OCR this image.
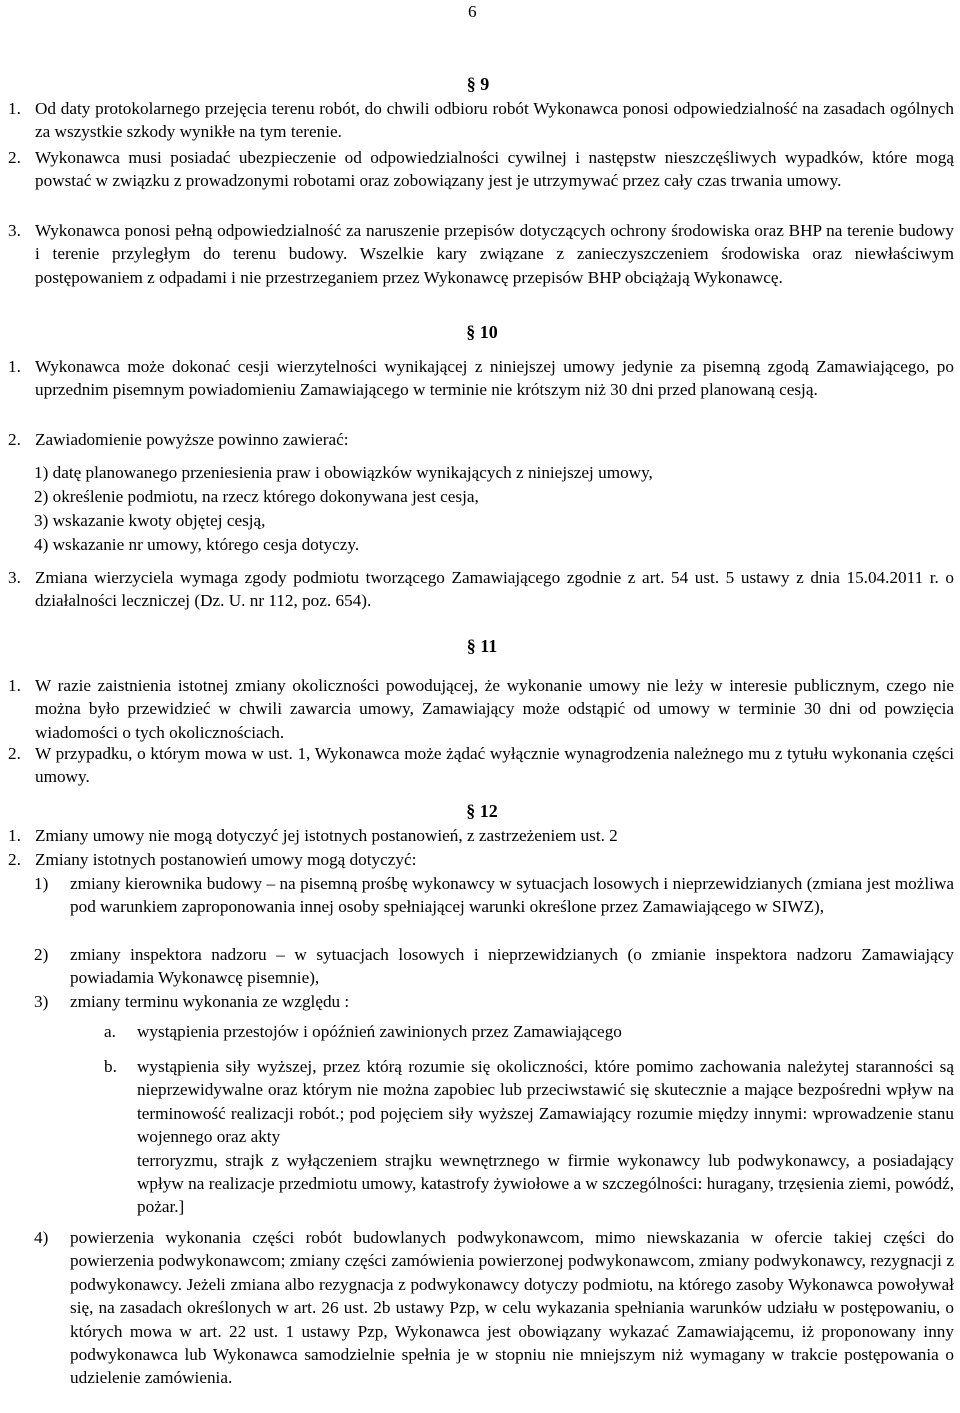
6
§ 9
1. Od daty protokolarnego przejęcia terenu robót, do chwili odbioru robót Wykonawca ponosi odpowiedzialność na zasadach ogólnych za wszystkie szkody wynikłe na tym terenie.
2. Wykonawca musi posiadać ubezpieczenie od odpowiedzialności cywilnej i następstw nieszczęśliwych wypadków, które mogą powstać w związku z prowadzonymi robotami oraz zobowiązany jest je utrzymywać przez cały czas trwania umowy.
3. Wykonawca ponosi pełną odpowiedzialność za naruszenie przepisów dotyczących ochrony środowiska oraz BHP na terenie budowy i terenie przyległym do terenu budowy. Wszelkie kary związane z zanieczyszczeniem środowiska oraz niewłaściwym postępowaniem z odpadami i nie przestrzeganiem przez Wykonawcę przepisów BHP obciążają Wykonawcę.
§ 10
1. Wykonawca może dokonać cesji wierzytelności wynikającej z niniejszej umowy jedynie za pisemną zgodą Zamawiającego, po uprzednim pisemnym powiadomieniu Zamawiającego w terminie nie krótszym niż 30 dni przed planowaną cesją.
2. Zawiadomienie powyższe powinno zawierać:
1) datę planowanego przeniesienia praw i obowiązków wynikających z niniejszej umowy,
2) określenie podmiotu, na rzecz którego dokonywana jest cesja,
3) wskazanie kwoty objętej cesją,
4) wskazanie nr umowy, którego cesja dotyczy.
3. Zmiana wierzyciela wymaga zgody podmiotu tworzącego Zamawiającego zgodnie z art. 54 ust. 5 ustawy z dnia 15.04.2011 r. o działalności leczniczej (Dz. U. nr 112, poz. 654).
§ 11
1. W razie zaistnienia istotnej zmiany okoliczności powodującej, że wykonanie umowy nie leży w interesie publicznym, czego nie można było przewidzieć w chwili zawarcia umowy, Zamawiający może odstąpić od umowy w terminie 30 dni od powzięcia wiadomości o tych okolicznościach.
2. W przypadku, o którym mowa w ust. 1, Wykonawca może żądać wyłącznie wynagrodzenia należnego mu z tytułu wykonania części umowy.
§ 12
1. Zmiany umowy nie mogą dotyczyć jej istotnych postanowień, z zastrzeżeniem ust. 2
2. Zmiany istotnych postanowień umowy mogą dotyczyć:
1) zmiany kierownika budowy – na pisemną prośbę wykonawcy w sytuacjach losowych i nieprzewidzianych (zmiana jest możliwa pod warunkiem zaproponowania innej osoby spełniającej warunki określone przez Zamawiającego w SIWZ),
2) zmiany inspektora nadzoru – w sytuacjach losowych i nieprzewidzianych (o zmianie inspektora nadzoru Zamawiający powiadamia Wykonawcę pisemnie),
3) zmiany terminu wykonania ze względu :
a. wystąpienia przestojów i opóźnień zawinionych przez Zamawiającego
b. wystąpienia siły wyższej, przez którą rozumie się okoliczności, które pomimo zachowania należytej staranności są nieprzewidywalne oraz którym nie można zapobiec lub przeciwstawić się skutecznie a mające bezpośredni wpływ na terminowość realizacji robót.; pod pojęciem siły wyższej Zamawiający rozumie między innymi: wprowadzenie stanu wojennego oraz akty
terroryzmu, strajk z wyłączeniem strajku wewnętrznego w firmie wykonawcy lub podwykonawcy, a posiadający wpływ na realizacje przedmiotu umowy, katastrofy żywiołowe a w szczególności: huragany, trzęsienia ziemi, powódź, pożar.]
4) powierzenia wykonania części robót budowlanych podwykonawcom, mimo niewskazania w ofercie takiej części do powierzenia podwykonawcom; zmiany części zamówienia powierzonej podwykonawcom, zmiany podwykonawcy, rezygnacji z podwykonawcy. Jeżeli zmiana albo rezygnacja z podwykonawcy dotyczy podmiotu, na którego zasoby Wykonawca powoływał się, na zasadach określonych w art. 26 ust. 2b ustawy Pzp, w celu wykazania spełniania warunków udziału w postępowaniu, o których mowa w art. 22 ust. 1 ustawy Pzp, Wykonawca jest obowiązany wykazać Zamawiającemu, iż proponowany inny podwykonawca lub Wykonawca samodzielnie spełnia je w stopniu nie mniejszym niż wymagany w trakcie postępowania o udzielenie zamówienia.
